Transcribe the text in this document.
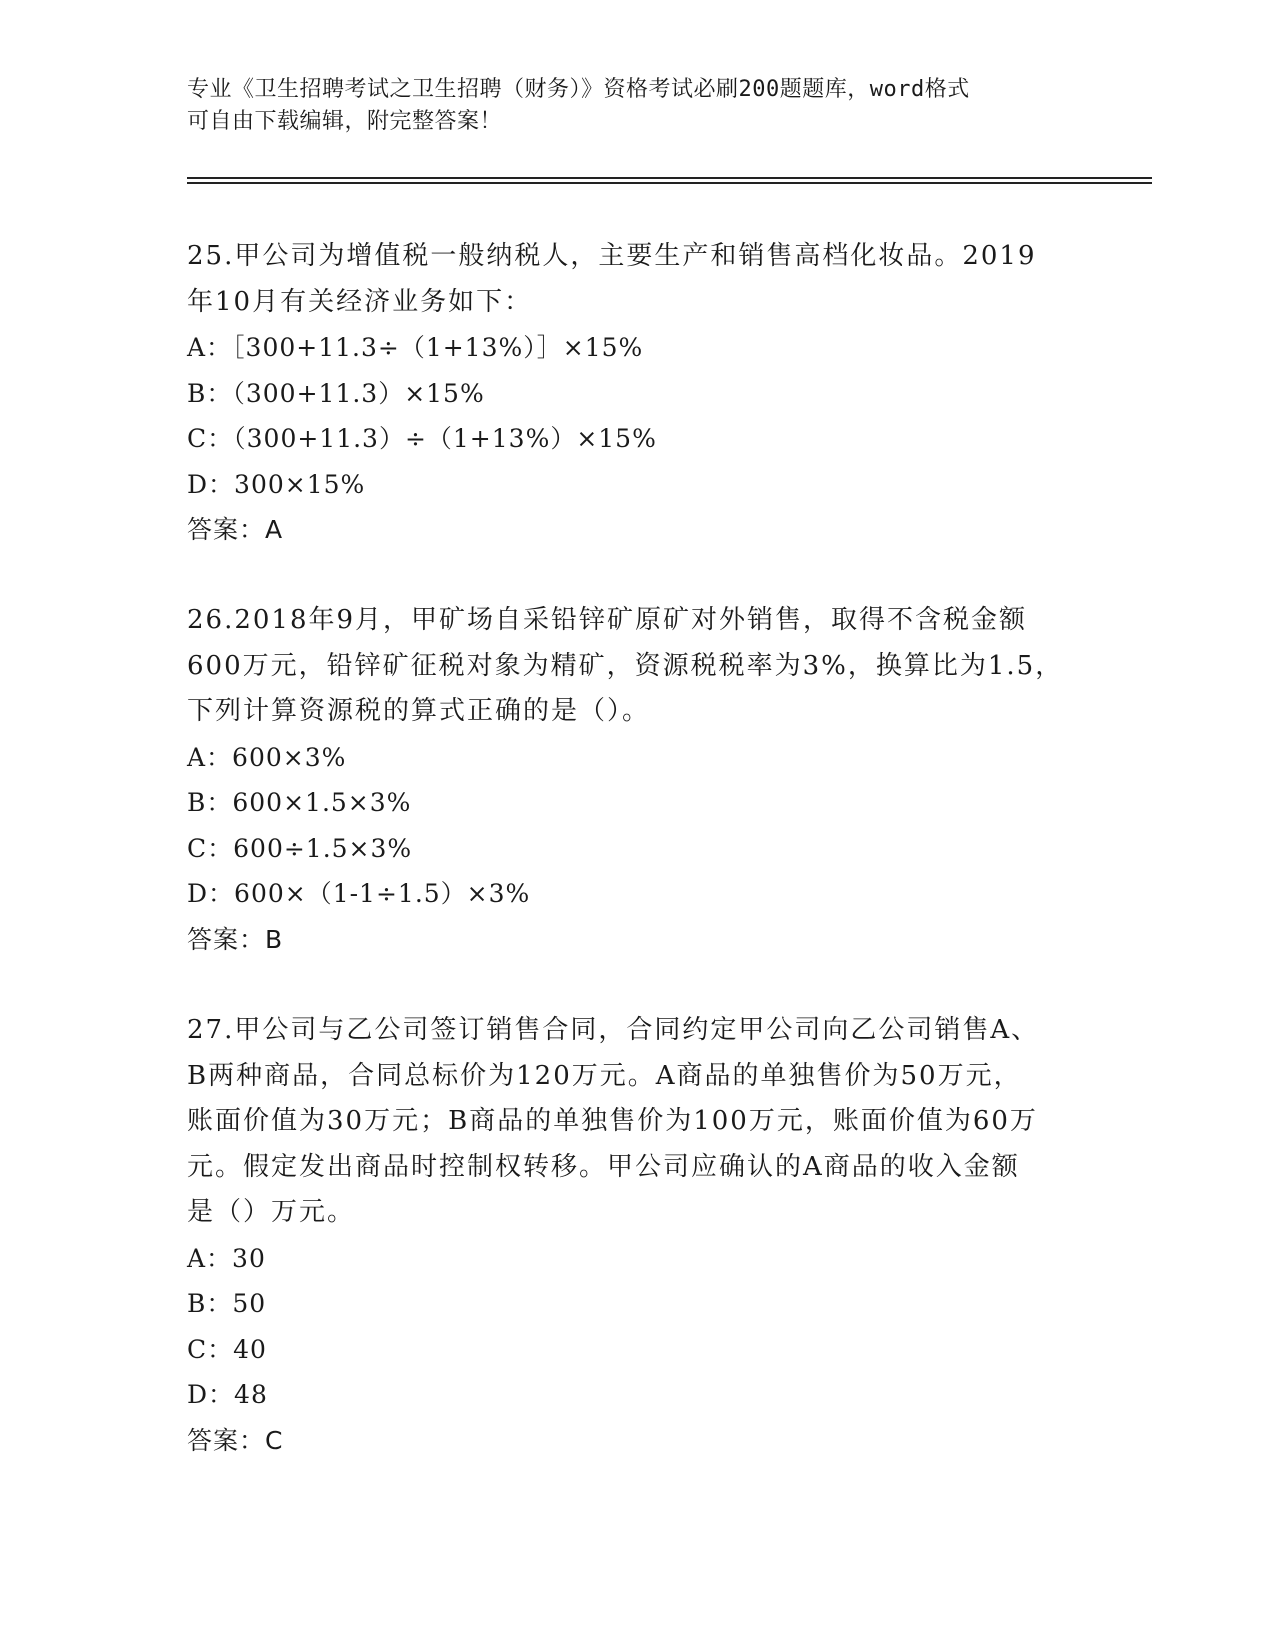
专业《卫生招聘考试之卫生招聘（财务）》资格考试必刷200题题库，word格式
可自由下载编辑，附完整答案！

25.甲公司为增值税一般纳税人，主要生产和销售高档化妆品。2019
年10月有关经济业务如下：

A：［300+11.3÷（1+13%）］×15%
B：（300+11.3）×15%
C：（300+11.3）÷（1+13%）×15%
D：300×15%
答案：A

26.2018年9月，甲矿场自采铅锌矿原矿对外销售，取得不含税金额
600万元，铅锌矿征税对象为精矿，资源税税率为3%，换算比为1.5，
下列计算资源税的算式正确的是（）。

A：600×3%
B：600×1.5×3%
C：600÷1.5×3%
D：600×（1-1÷1.5）×3%
答案：B

27.甲公司与乙公司签订销售合同，合同约定甲公司向乙公司销售A、
B两种商品，合同总标价为120万元。A商品的单独售价为50万元，
账面价值为30万元；B商品的单独售价为100万元，账面价值为60万
元。假定发出商品时控制权转移。甲公司应确认的A商品的收入金额
是（）万元。

A：30
B：50
C：40
D：48
答案：C
